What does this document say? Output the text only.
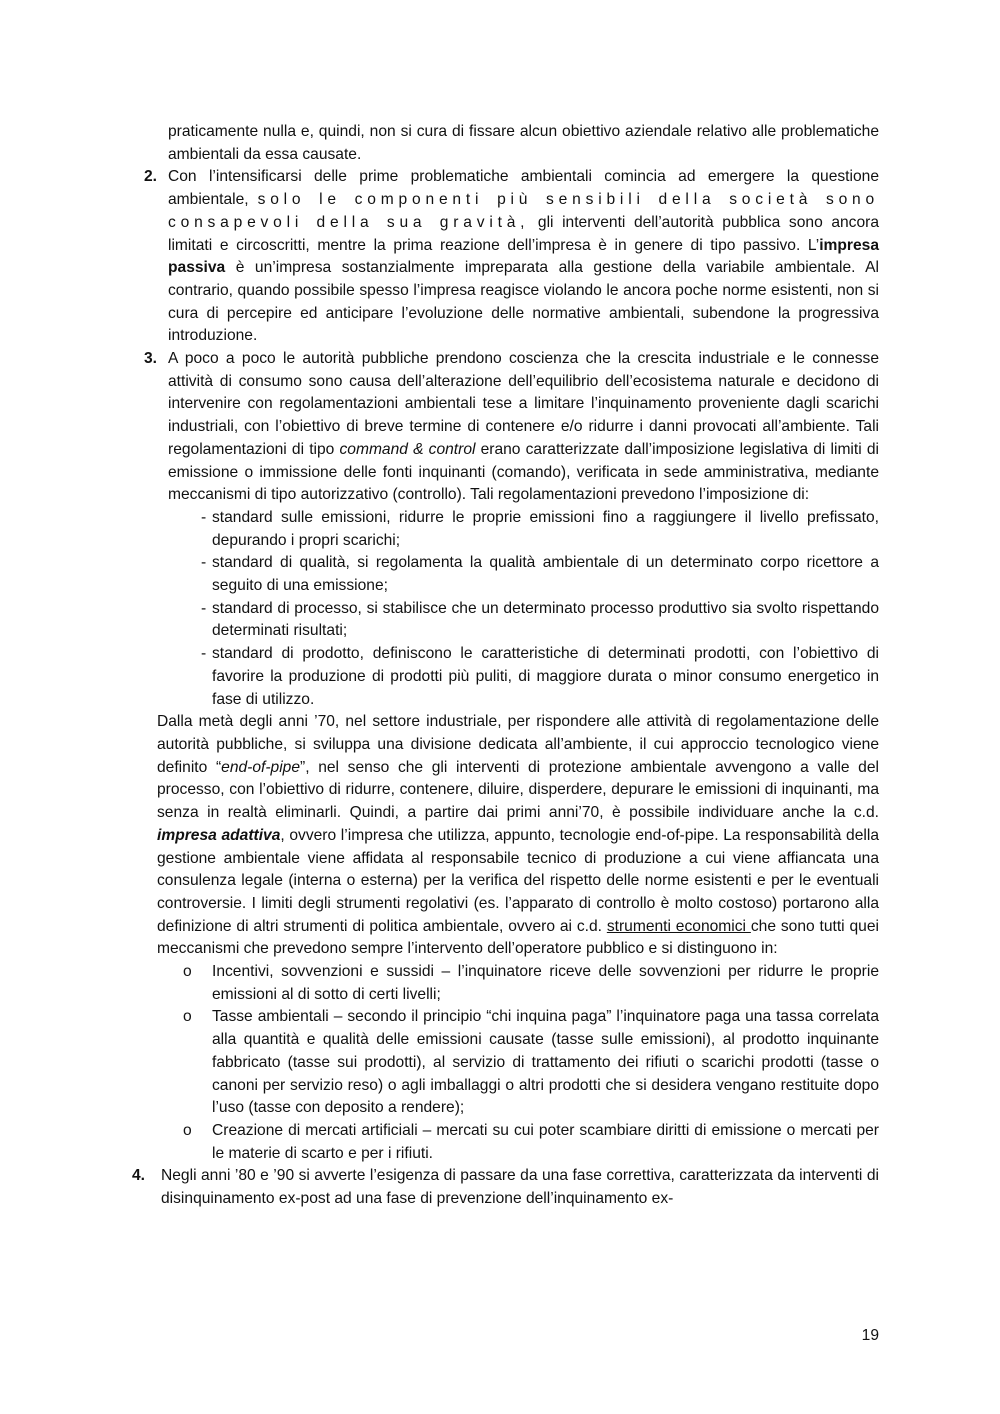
praticamente nulla e, quindi, non si cura di fissare alcun obiettivo aziendale relativo alle problematiche ambientali da essa causate.

2. Con l’intensificarsi delle prime problematiche ambientali comincia ad emergere la questione ambientale, solo le componenti più sensibili della società sono consapevoli della sua gravità, gli interventi dell’autorità pubblica sono ancora limitati e circoscritti, mentre la prima reazione dell’impresa è in genere di tipo passivo. L’impresa passiva è un’impresa sostanzialmente impreparata alla gestione della variabile ambientale. Al contrario, quando possibile spesso l’impresa reagisce violando le ancora poche norme esistenti, non si cura di percepire ed anticipare l’evoluzione delle normative ambientali, subendone la progressiva introduzione.
3. A poco a poco le autorità pubbliche prendono coscienza che la crescita industriale e le connesse attività di consumo sono causa dell’alterazione dell’equilibrio dell’ecosistema naturale e decidono di intervenire con regolamentazioni ambientali tese a limitare l’inquinamento proveniente dagli scarichi industriali, con l’obiettivo di breve termine di contenere e/o ridurre i danni provocati all’ambiente. Tali regolamentazioni di tipo command & control erano caratterizzate dall’imposizione legislativa di limiti di emissione o immissione delle fonti inquinanti (comando), verificata in sede amministrativa, mediante meccanismi di tipo autorizzativo (controllo). Tali regolamentazioni prevedono l’imposizione di:
- standard sulle emissioni, ridurre le proprie emissioni fino a raggiungere il livello prefissato, depurando i propri scarichi;
- standard di qualità, si regolamenta la qualità ambientale di un determinato corpo ricettore a seguito di una emissione;
- standard di processo, si stabilisce che un determinato processo produttivo sia svolto rispettando determinati risultati;
- standard di prodotto, definiscono le caratteristiche di determinati prodotti, con l’obiettivo di favorire la produzione di prodotti più puliti, di maggiore durata o minor consumo energetico in fase di utilizzo.

Dalla metà degli anni ’70, nel settore industriale, per rispondere alle attività di regolamentazione delle autorità pubbliche, si sviluppa una divisione dedicata all’ambiente, il cui approccio tecnologico viene definito “end-of-pipe”, nel senso che gli interventi di protezione ambientale avvengono a valle del processo, con l’obiettivo di ridurre, contenere, diluire, disperdere, depurare le emissioni di inquinanti, ma senza in realtà eliminarli. Quindi, a partire dai primi anni’70, è possibile individuare anche la c.d. impresa adattiva, ovvero l’impresa che utilizza, appunto, tecnologie end-of-pipe. La responsabilità della gestione ambientale viene affidata al responsabile tecnico di produzione a cui viene affiancata una consulenza legale (interna o esterna) per la verifica del rispetto delle norme esistenti e per le eventuali controversie. I limiti degli strumenti regolativi (es. l’apparato di controllo è molto costoso) portarono alla definizione di altri strumenti di politica ambientale, ovvero ai c.d. strumenti economici che sono tutti quei meccanismi che prevedono sempre l’intervento dell’operatore pubblico e si distinguono in:

o Incentivi, sovvenzioni e sussidi – l’inquinatore riceve delle sovvenzioni per ridurre le proprie emissioni al di sotto di certi livelli;
o Tasse ambientali – secondo il principio “chi inquina paga” l’inquinatore paga una tassa correlata alla quantità e qualità delle emissioni causate (tasse sulle emissioni), al prodotto inquinante fabbricato (tasse sui prodotti), al servizio di trattamento dei rifiuti o scarichi prodotti (tasse o canoni per servizio reso) o agli imballaggi o altri prodotti che si desidera vengano restituite dopo l’uso (tasse con deposito a rendere);
o Creazione di mercati artificiali – mercati su cui poter scambiare diritti di emissione o mercati per le materie di scarto e per i rifiuti.
4. Negli anni ’80 e ’90 si avverte l’esigenza di passare da una fase correttiva, caratterizzata da interventi di disinquinamento ex-post ad una fase di prevenzione dell’inquinamento ex-
19
